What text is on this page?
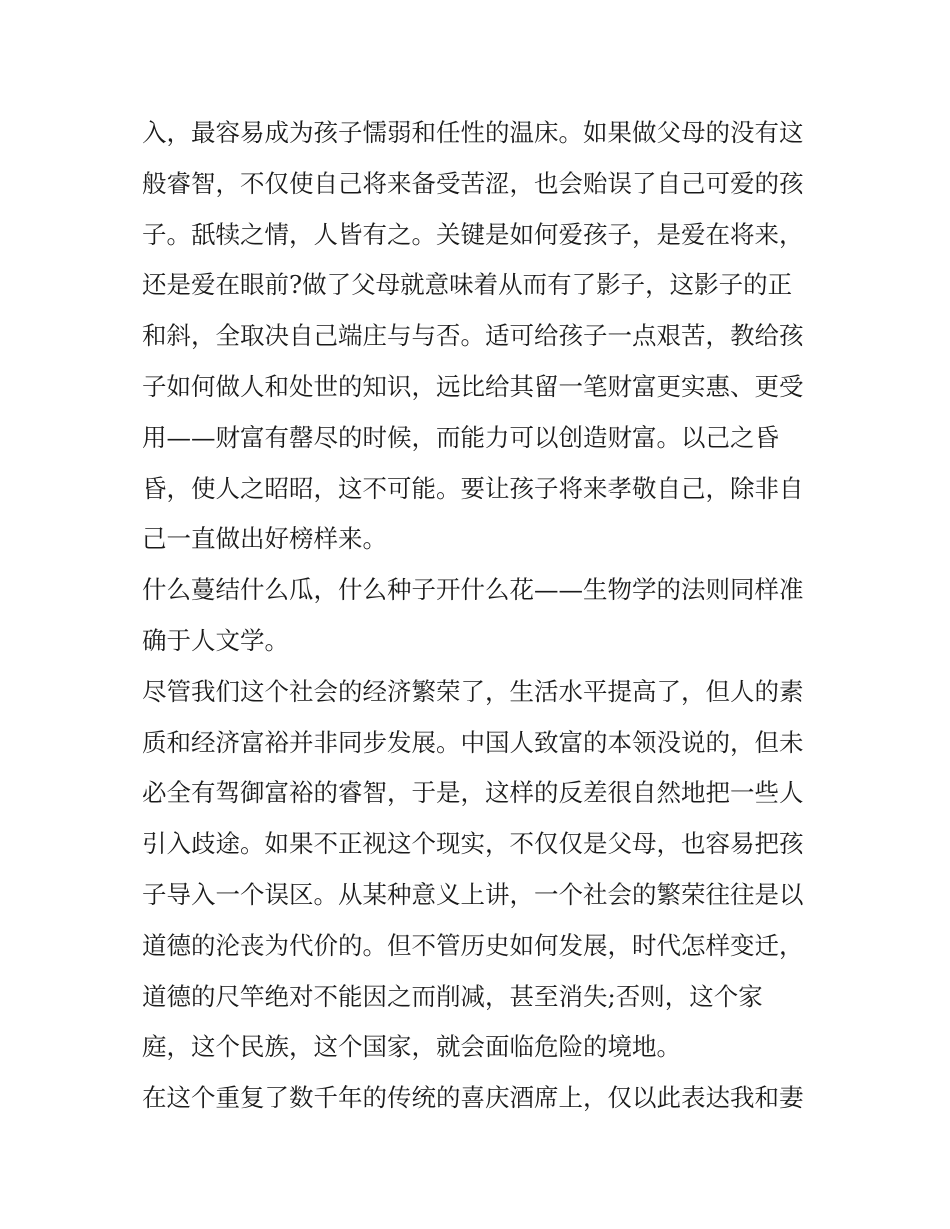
入，最容易成为孩子懦弱和任性的温床。如果做父母的没有这
般睿智，不仅使自己将来备受苦涩，也会贻误了自己可爱的孩
子。舐犊之情，人皆有之。关键是如何爱孩子，是爱在将来，
还是爱在眼前?做了父母就意味着从而有了影子，这影子的正
和斜，全取决自己端庄与与否。适可给孩子一点艰苦，教给孩
子如何做人和处世的知识，远比给其留一笔财富更实惠、更受
用——财富有罄尽的时候，而能力可以创造财富。以己之昏
昏，使人之昭昭，这不可能。要让孩子将来孝敬自己，除非自
己一直做出好榜样来。
什么蔓结什么瓜，什么种子开什么花——生物学的法则同样准
确于人文学。
尽管我们这个社会的经济繁荣了，生活水平提高了，但人的素
质和经济富裕并非同步发展。中国人致富的本领没说的，但未
必全有驾御富裕的睿智，于是，这样的反差很自然地把一些人
引入歧途。如果不正视这个现实，不仅仅是父母，也容易把孩
子导入一个误区。从某种意义上讲，一个社会的繁荣往往是以
道德的沦丧为代价的。但不管历史如何发展，时代怎样变迁，
道德的尺竿绝对不能因之而削减，甚至消失;否则，这个家
庭，这个民族，这个国家，就会面临危险的境地。
在这个重复了数千年的传统的喜庆酒席上，仅以此表达我和妻
